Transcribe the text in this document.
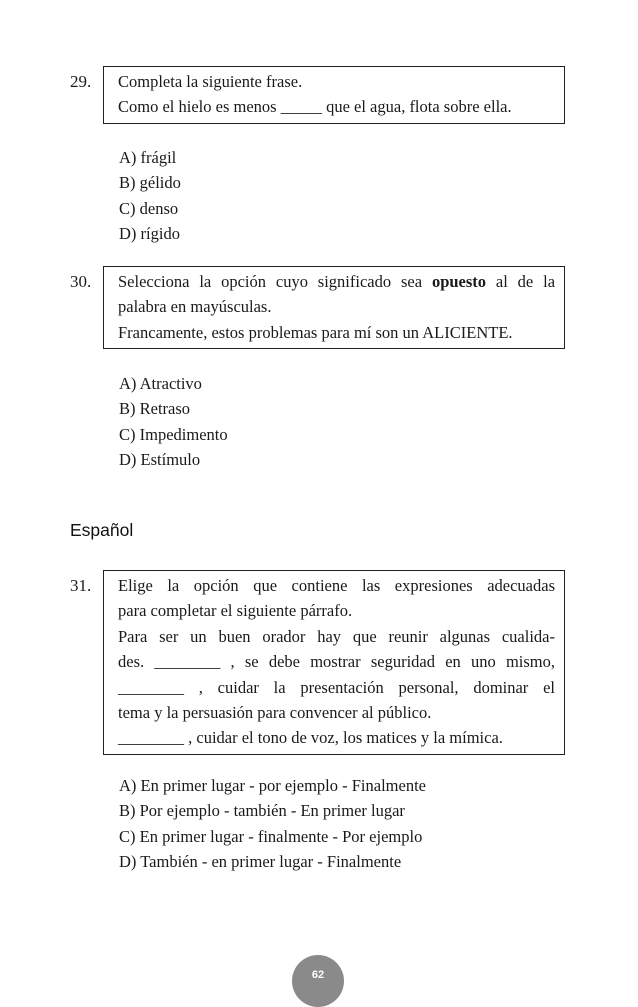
29. Completa la siguiente frase.
Como el hielo es menos _____ que el agua, flota sobre ella.
A) frágil
B) gélido
C) denso
D) rígido
30. Selecciona la opción cuyo significado sea opuesto al de la
palabra en mayúsculas.
Francamente, estos problemas para mí son un ALICIENTE.
A) Atractivo
B) Retraso
C) Impedimento
D) Estímulo
Español
31. Elige la opción que contiene las expresiones adecuadas
para completar el siguiente párrafo.
Para ser un buen orador hay que reunir algunas cualida-
des. ________ , se debe mostrar seguridad en uno mismo,
________ , cuidar la presentación personal, dominar el
tema y la persuasión para convencer al público.
________ , cuidar el tono de voz, los matices y la mímica.
A) En primer lugar - por ejemplo - Finalmente
B) Por ejemplo - también - En primer lugar
C) En primer lugar - finalmente - Por ejemplo
D) También - en primer lugar - Finalmente
62
